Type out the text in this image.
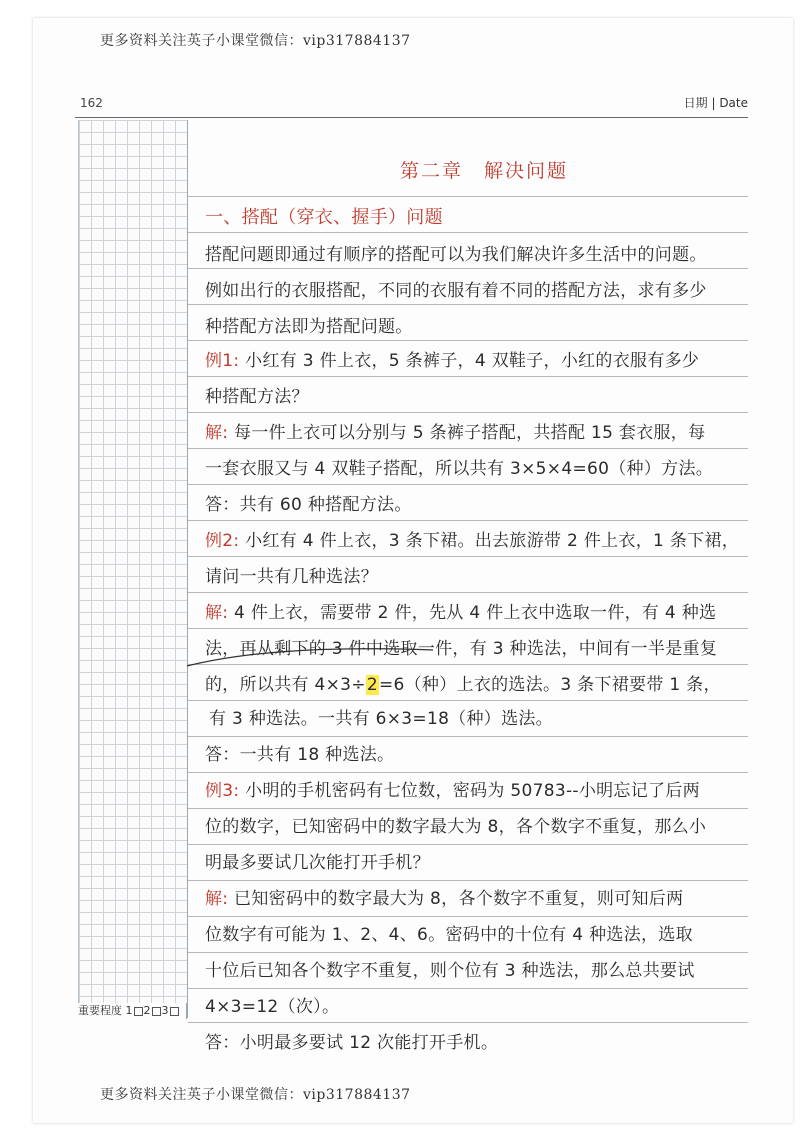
更多资料关注英子小课堂微信：vip317884137
162	日期 | Date
重要程度 1 2 3
第二章　解决问题
一、搭配（穿衣、握手）问题
搭配问题即通过有顺序的搭配可以为我们解决许多生活中的问题。
例如出行的衣服搭配，不同的衣服有着不同的搭配方法，求有多少
种搭配方法即为搭配问题。
例1: 小红有 3 件上衣，5 条裤子，4 双鞋子，小红的衣服有多少
种搭配方法？
解: 每一件上衣可以分别与 5 条裤子搭配，共搭配 15 套衣服，每
一套衣服又与 4 双鞋子搭配，所以共有 3×5×4=60（种）方法。
答：共有 60 种搭配方法。
例2: 小红有 4 件上衣，3 条下裙。出去旅游带 2 件上衣，1 条下裙，
请问一共有几种选法？
解: 4 件上衣，需要带 2 件，先从 4 件上衣中选取一件，有 4 种选
法，再从剩下的 3 件中选取一件，有 3 种选法，中间有一半是重复
的，所以共有 4×3÷2=6（种）上衣的选法。3 条下裙要带 1 条，
有 3 种选法。一共有 6×3=18（种）选法。
答：一共有 18 种选法。
例3: 小明的手机密码有七位数，密码为 50783--小明忘记了后两
位的数字，已知密码中的数字最大为 8，各个数字不重复，那么小
明最多要试几次能打开手机？
解: 已知密码中的数字最大为 8，各个数字不重复，则可知后两
位数字有可能为 1、2、4、6。密码中的十位有 4 种选法，选取
十位后已知各个数字不重复，则个位有 3 种选法，那么总共要试
4×3=12（次）。
答：小明最多要试 12 次能打开手机。
更多资料关注英子小课堂微信：vip317884137
